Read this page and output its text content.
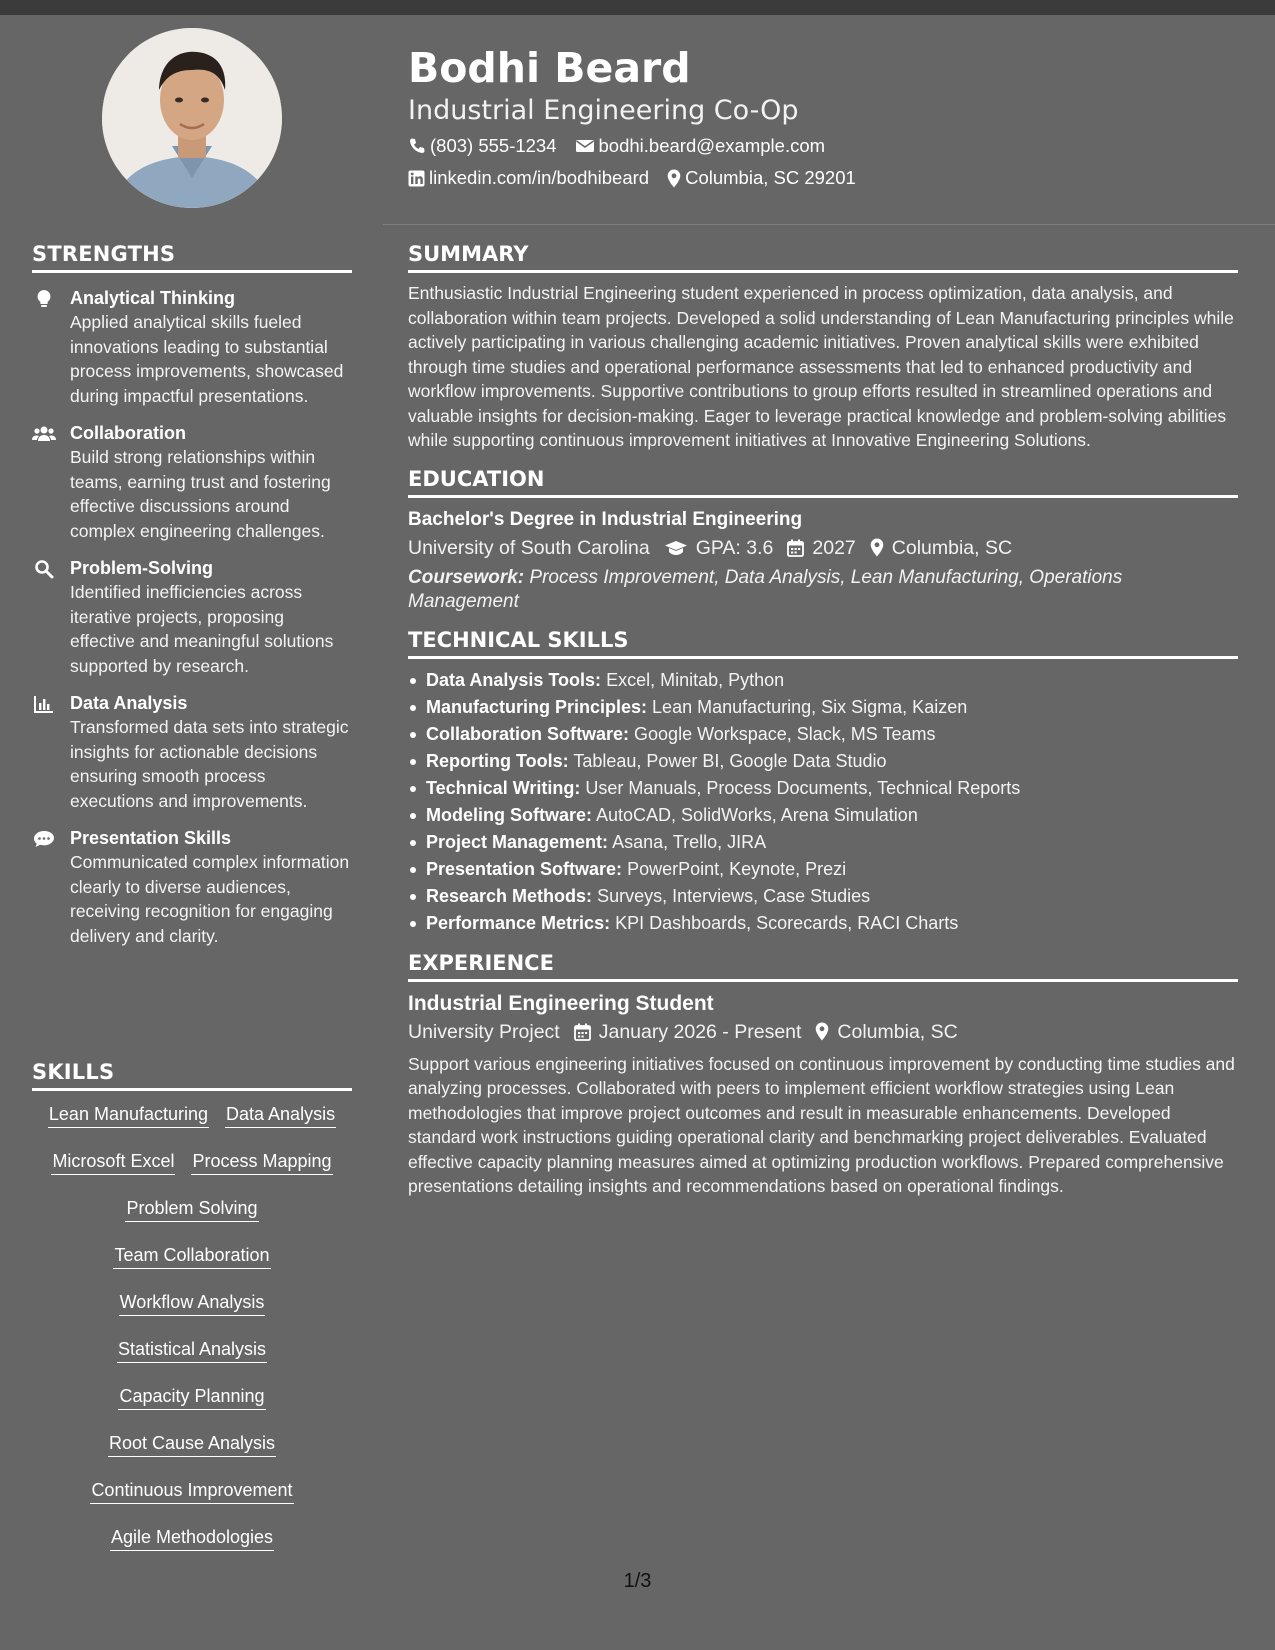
STRENGTHS
Analytical Thinking
Applied analytical skills fueled innovations leading to substantial process improvements, showcased during impactful presentations.
Collaboration
Build strong relationships within teams, earning trust and fostering effective discussions around complex engineering challenges.
Problem-Solving
Identified inefficiencies across iterative projects, proposing effective and meaningful solutions supported by research.
Data Analysis
Transformed data sets into strategic insights for actionable decisions ensuring smooth process executions and improvements.
Presentation Skills
Communicated complex information clearly to diverse audiences, receiving recognition for engaging delivery and clarity.
SKILLS
Lean Manufacturing Data Analysis
Microsoft Excel Process Mapping
Problem Solving
Team Collaboration
Workflow Analysis
Statistical Analysis
Capacity Planning
Root Cause Analysis
Continuous Improvement
Agile Methodologies
Bodhi Beard
Industrial Engineering Co-Op
(803) 555-1234 bodhi.beard@example.com
linkedin.com/in/bodhibeard Columbia, SC 29201
SUMMARY
Enthusiastic Industrial Engineering student experienced in process optimization, data analysis, and collaboration within team projects. Developed a solid understanding of Lean Manufacturing principles while actively participating in various challenging academic initiatives. Proven analytical skills were exhibited through time studies and operational performance assessments that led to enhanced productivity and workflow improvements. Supportive contributions to group efforts resulted in streamlined operations and valuable insights for decision-making. Eager to leverage practical knowledge and problem-solving abilities while supporting continuous improvement initiatives at Innovative Engineering Solutions.
EDUCATION
Bachelor's Degree in Industrial Engineering
University of South Carolina GPA: 3.6 2027 Columbia, SC
Coursework: Process Improvement, Data Analysis, Lean Manufacturing, Operations Management
TECHNICAL SKILLS
Data Analysis Tools: Excel, Minitab, Python
Manufacturing Principles: Lean Manufacturing, Six Sigma, Kaizen
Collaboration Software: Google Workspace, Slack, MS Teams
Reporting Tools: Tableau, Power BI, Google Data Studio
Technical Writing: User Manuals, Process Documents, Technical Reports
Modeling Software: AutoCAD, SolidWorks, Arena Simulation
Project Management: Asana, Trello, JIRA
Presentation Software: PowerPoint, Keynote, Prezi
Research Methods: Surveys, Interviews, Case Studies
Performance Metrics: KPI Dashboards, Scorecards, RACI Charts
EXPERIENCE
Industrial Engineering Student
University Project January 2026 - Present Columbia, SC
Support various engineering initiatives focused on continuous improvement by conducting time studies and analyzing processes. Collaborated with peers to implement efficient workflow strategies using Lean methodologies that improve project outcomes and result in measurable enhancements. Developed standard work instructions guiding operational clarity and benchmarking project deliverables. Evaluated effective capacity planning measures aimed at optimizing production workflows. Prepared comprehensive presentations detailing insights and recommendations based on operational findings.
1/3
